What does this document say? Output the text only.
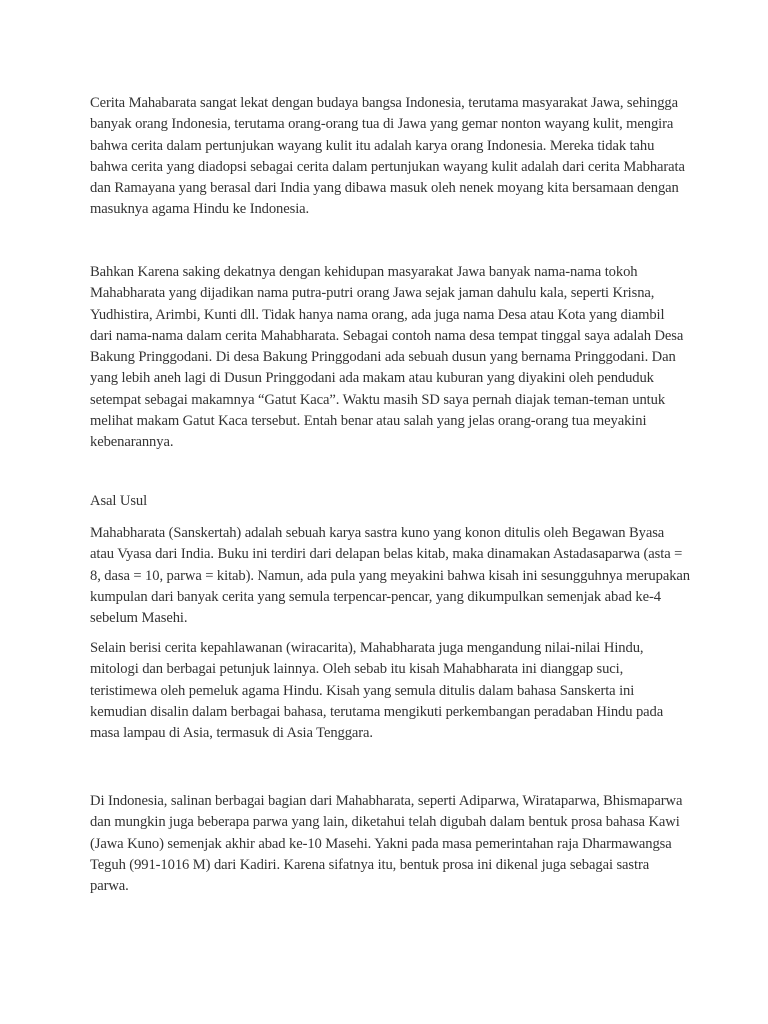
Cerita Mahabarata sangat lekat dengan budaya bangsa Indonesia, terutama masyarakat Jawa, sehingga banyak orang Indonesia, terutama orang-orang tua di Jawa yang gemar nonton wayang kulit, mengira bahwa cerita dalam pertunjukan wayang kulit itu adalah karya orang Indonesia. Mereka tidak tahu bahwa cerita yang diadopsi sebagai cerita dalam pertunjukan wayang kulit adalah dari cerita Mabharata dan Ramayana yang berasal dari India yang dibawa masuk oleh nenek moyang kita bersamaan dengan masuknya agama Hindu ke Indonesia.

Bahkan Karena saking dekatnya dengan kehidupan masyarakat Jawa banyak nama-nama tokoh Mahabharata yang dijadikan nama putra-putri orang Jawa sejak jaman dahulu kala, seperti Krisna, Yudhistira, Arimbi, Kunti dll. Tidak hanya nama orang, ada juga nama Desa atau Kota yang diambil dari nama-nama dalam cerita Mahabharata. Sebagai contoh nama desa tempat tinggal saya adalah Desa Bakung Pringgodani. Di desa Bakung Pringgodani ada sebuah dusun yang bernama Pringgodani. Dan yang lebih aneh lagi di Dusun Pringgodani ada makam atau kuburan yang diyakini oleh penduduk setempat sebagai makamnya “Gatut Kaca”. Waktu masih SD saya pernah diajak teman-teman untuk melihat makam Gatut Kaca tersebut. Entah benar atau salah yang jelas orang-orang tua meyakini kebenarannya.

Asal Usul

Mahabharata (Sanskertah) adalah sebuah karya sastra kuno yang konon ditulis oleh Begawan Byasa atau Vyasa dari India. Buku ini terdiri dari delapan belas kitab, maka dinamakan Astadasaparwa (asta = 8, dasa = 10, parwa = kitab). Namun, ada pula yang meyakini bahwa kisah ini sesungguhnya merupakan kumpulan dari banyak cerita yang semula terpencar-pencar, yang dikumpulkan semenjak abad ke-4 sebelum Masehi.

Selain berisi cerita kepahlawanan (wiracarita), Mahabharata juga mengandung nilai-nilai Hindu, mitologi dan berbagai petunjuk lainnya. Oleh sebab itu kisah Mahabharata ini dianggap suci, teristimewa oleh pemeluk agama Hindu. Kisah yang semula ditulis dalam bahasa Sanskerta ini kemudian disalin dalam berbagai bahasa, terutama mengikuti perkembangan peradaban Hindu pada masa lampau di Asia, termasuk di Asia Tenggara.

Di Indonesia, salinan berbagai bagian dari Mahabharata, seperti Adiparwa, Wirataparwa, Bhismaparwa dan mungkin juga beberapa parwa yang lain, diketahui telah digubah dalam bentuk prosa bahasa Kawi (Jawa Kuno) semenjak akhir abad ke-10 Masehi. Yakni pada masa pemerintahan raja Dharmawangsa Teguh (991-1016 M) dari Kadiri. Karena sifatnya itu, bentuk prosa ini dikenal juga sebagai sastra parwa.
